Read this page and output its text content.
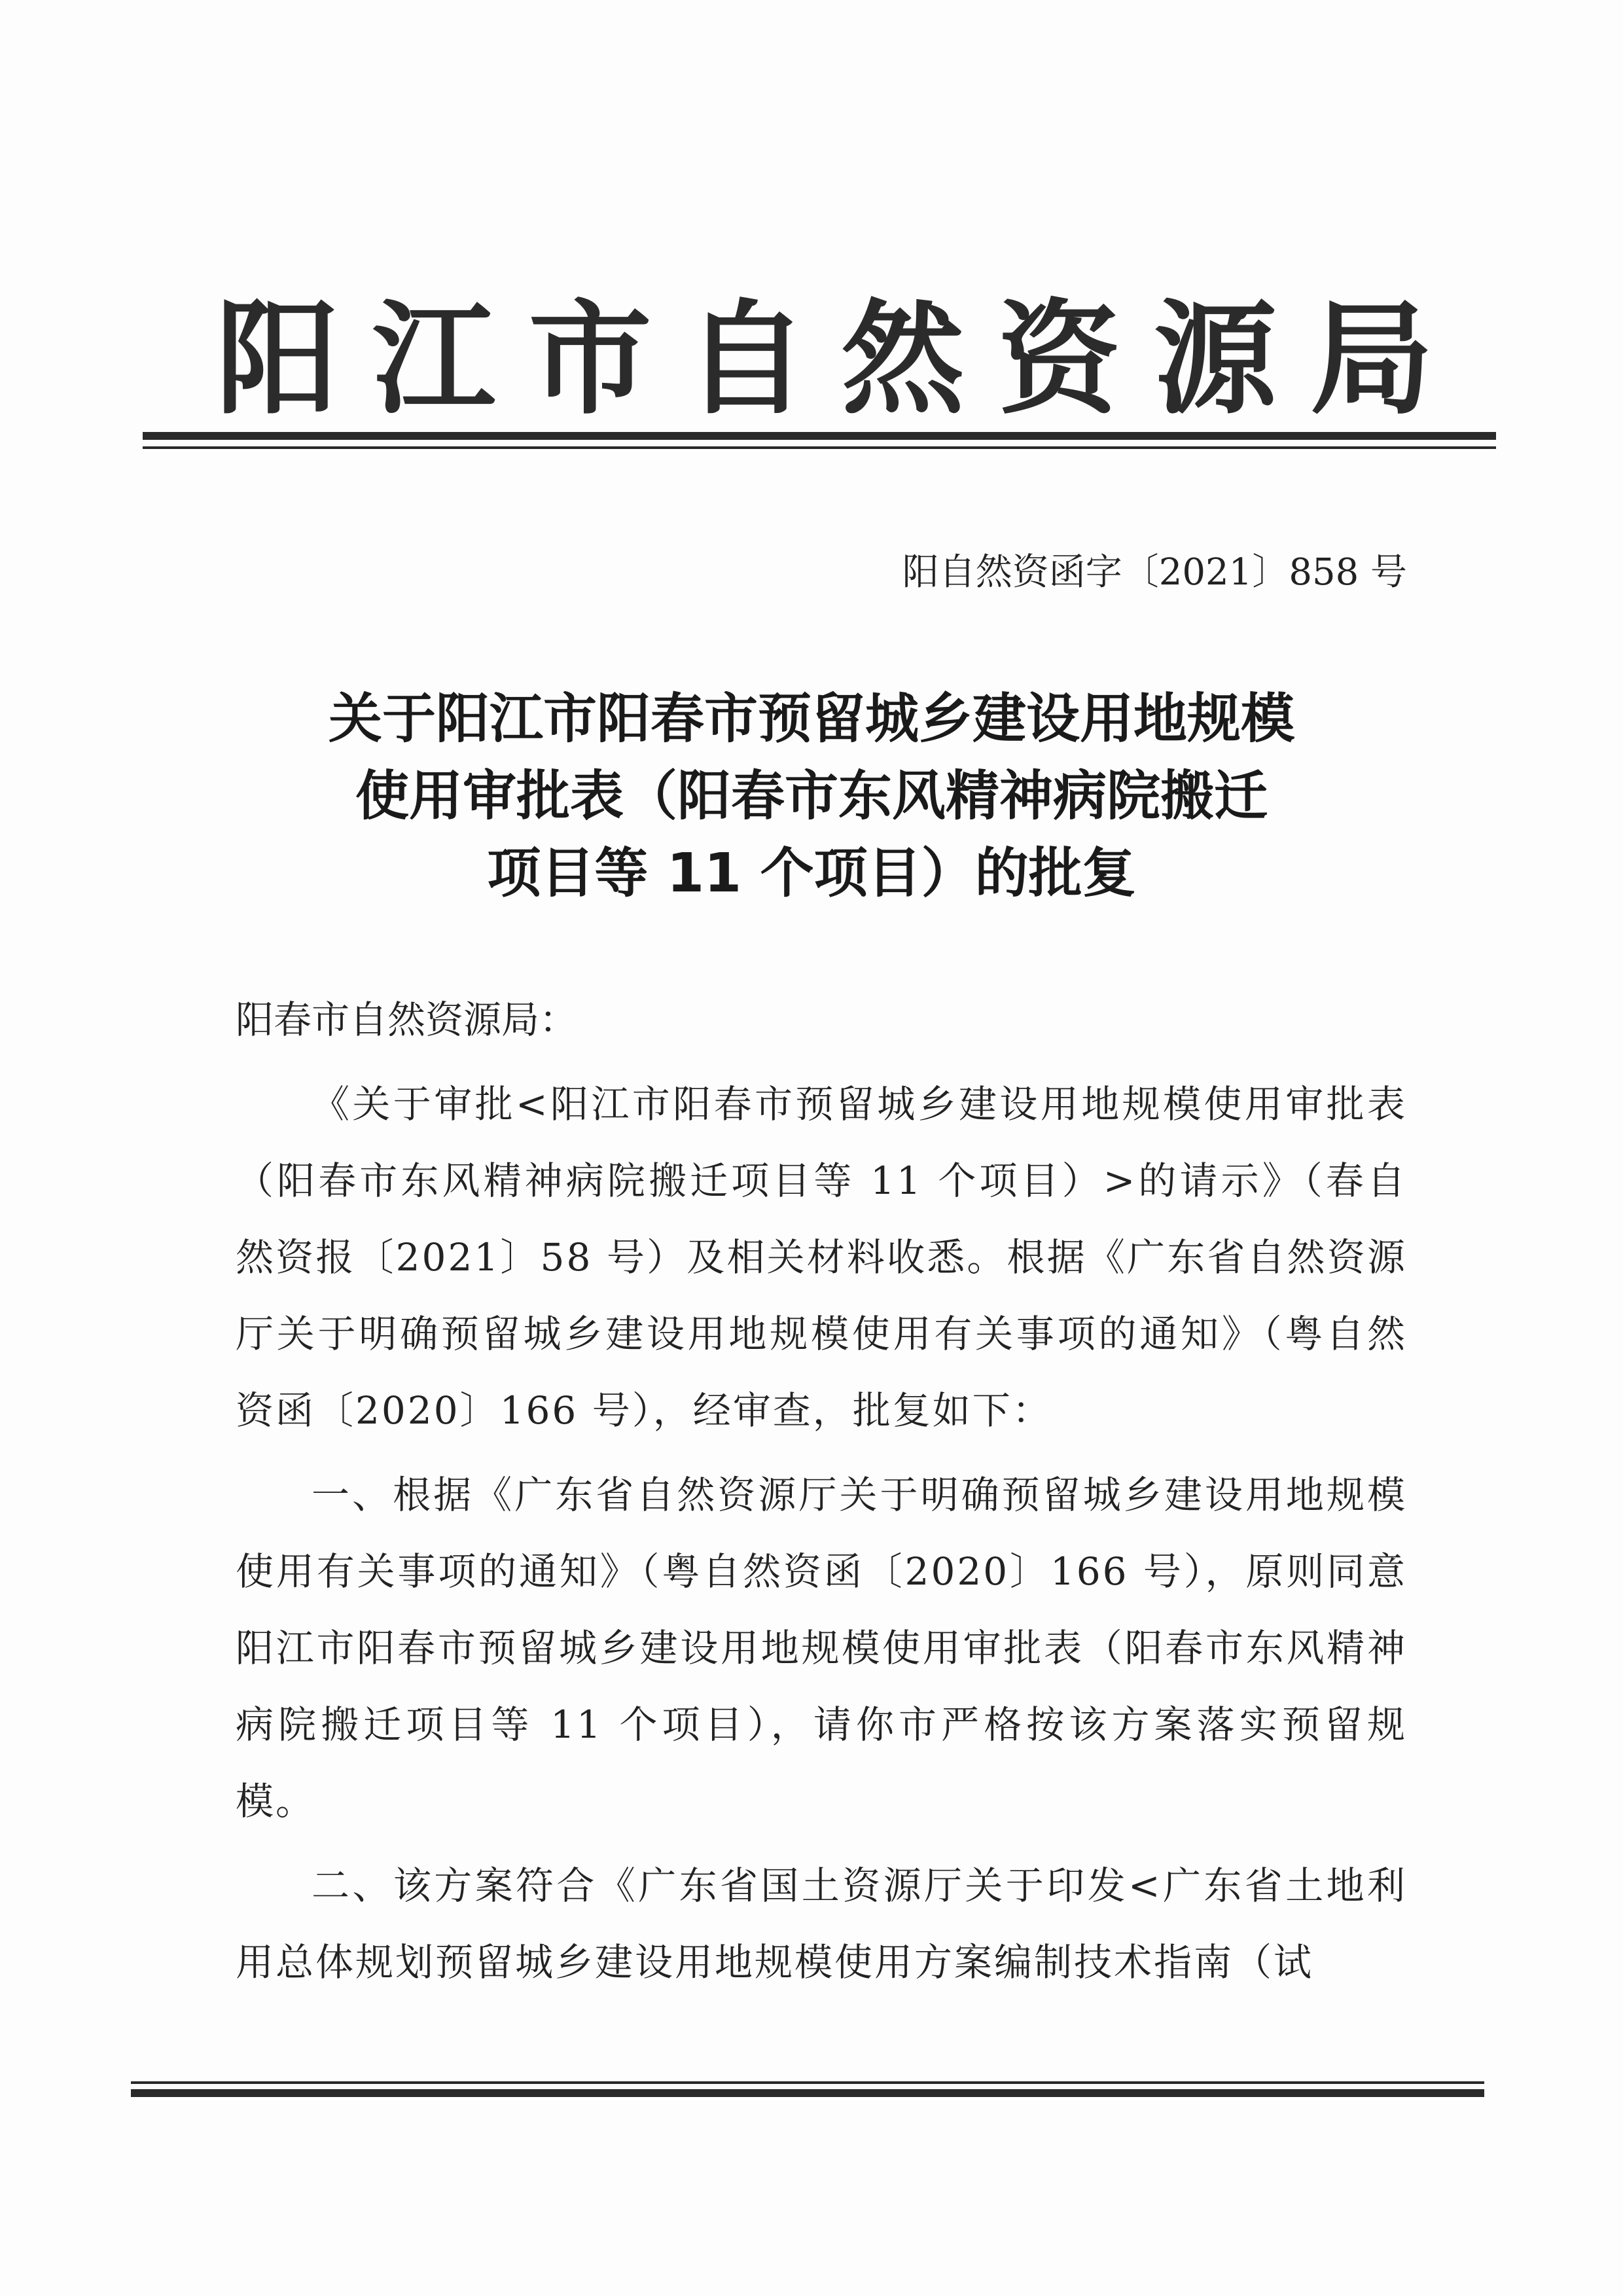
阳 江 市 自 然 资 源 局
阳自然资函字〔2021〕858 号
关于阳江市阳春市预留城乡建设用地规模
使用审批表（阳春市东风精神病院搬迁
项目等 11 个项目）的批复
阳春市自然资源局：

《关于审批<阳江市阳春市预留城乡建设用地规模使用审批表（阳春市东风精神病院搬迁项目等 11 个项目）>的请示》（春自然资报〔2021〕58 号）及相关材料收悉。根据《广东省自然资源厅关于明确预留城乡建设用地规模使用有关事项的通知》（粤自然资函〔2020〕166 号），经审查，批复如下：

一、根据《广东省自然资源厅关于明确预留城乡建设用地规模使用有关事项的通知》（粤自然资函〔2020〕166 号），原则同意阳江市阳春市预留城乡建设用地规模使用审批表（阳春市东风精神病院搬迁项目等 11 个项目），请你市严格按该方案落实预留规模。

二、该方案符合《广东省国土资源厅关于印发<广东省土地利用总体规划预留城乡建设用地规模使用方案编制技术指南（试
